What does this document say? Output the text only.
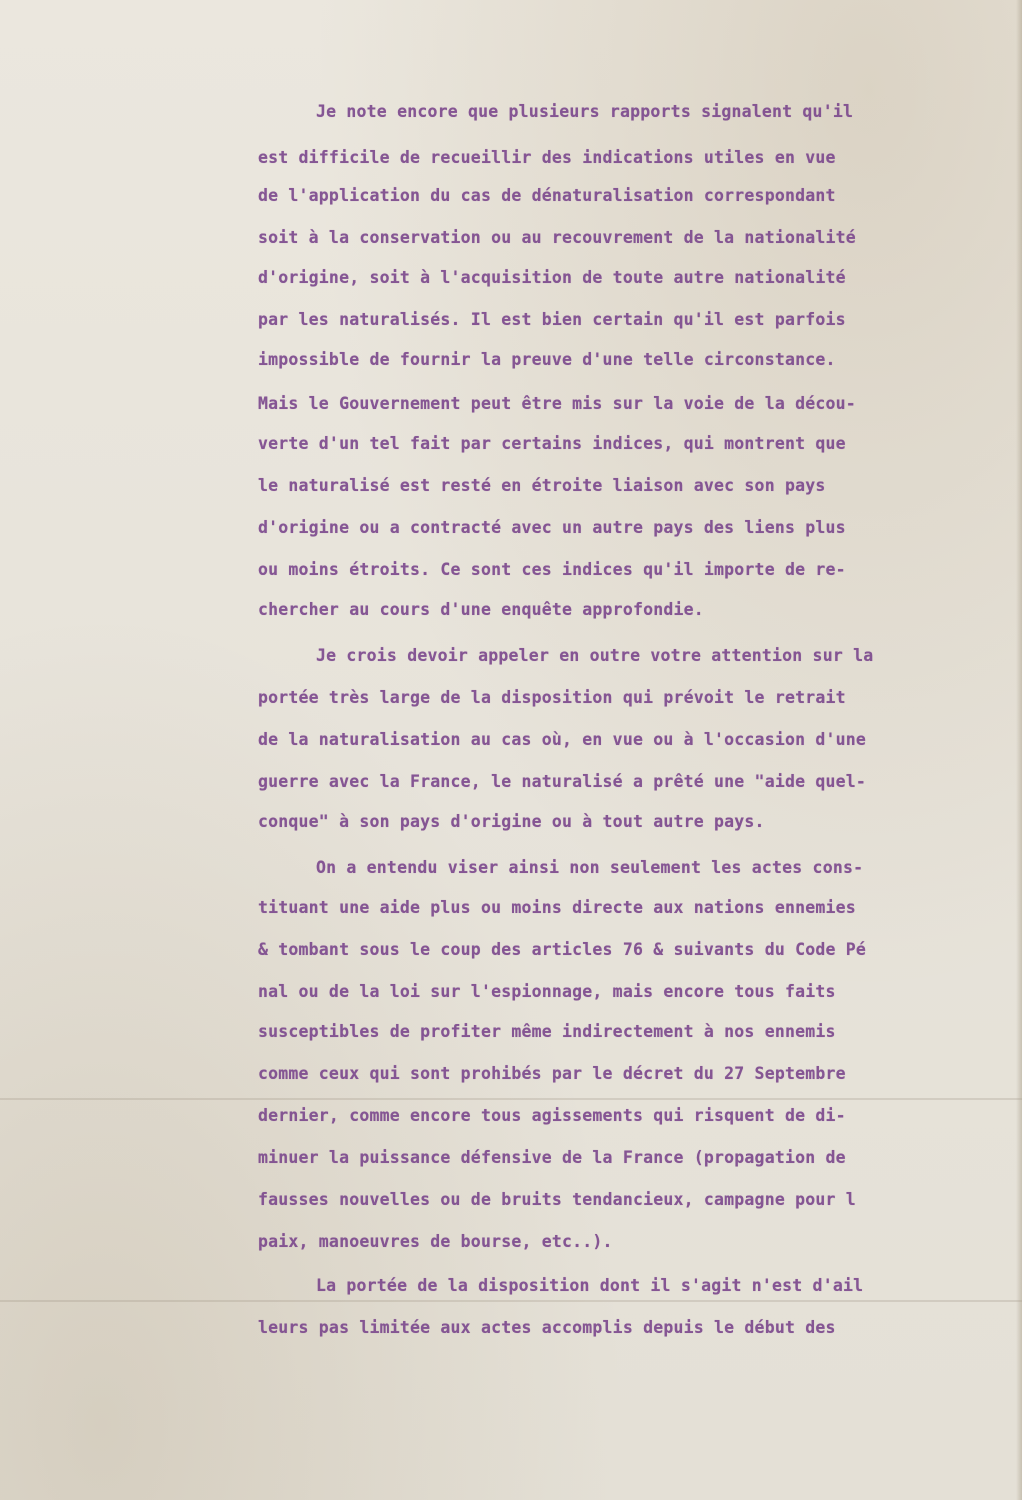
Je note encore que plusieurs rapports signalent qu'il
est difficile de recueillir des indications utiles en vue
de l'application du cas de dénaturalisation correspondant
soit à la conservation ou au recouvrement de la nationalité
d'origine, soit à l'acquisition de toute autre nationalité
par les naturalisés. Il est bien certain qu'il est parfois
impossible de fournir la preuve d'une telle circonstance.
Mais le Gouvernement peut être mis sur la voie de la décou-
verte d'un tel fait par certains indices, qui montrent que
le naturalisé est resté en étroite liaison avec son pays
d'origine ou a contracté avec un autre pays des liens plus
ou moins étroits. Ce sont ces indices qu'il importe de re-
chercher au cours d'une enquête approfondie.
Je crois devoir appeler en outre votre attention sur la
portée très large de la disposition qui prévoit le retrait
de la naturalisation au cas où, en vue ou à l'occasion d'une
guerre avec la France, le naturalisé a prêté une "aide quel-
conque" à son pays d'origine ou à tout autre pays.
On a entendu viser ainsi non seulement les actes cons-
tituant une aide plus ou moins directe aux nations ennemies
& tombant sous le coup des articles 76 & suivants du Code Pé
nal ou de la loi sur l'espionnage, mais encore tous faits
susceptibles de profiter même indirectement à nos ennemis
comme ceux qui sont prohibés par le décret du 27 Septembre
dernier, comme encore tous agissements qui risquent de di-
minuer la puissance défensive de la France (propagation de
fausses nouvelles ou de bruits tendancieux, campagne pour l
paix, manoeuvres de bourse, etc..).
La portée de la disposition dont il s'agit n'est d'ail
leurs pas limitée aux actes accomplis depuis le début des
